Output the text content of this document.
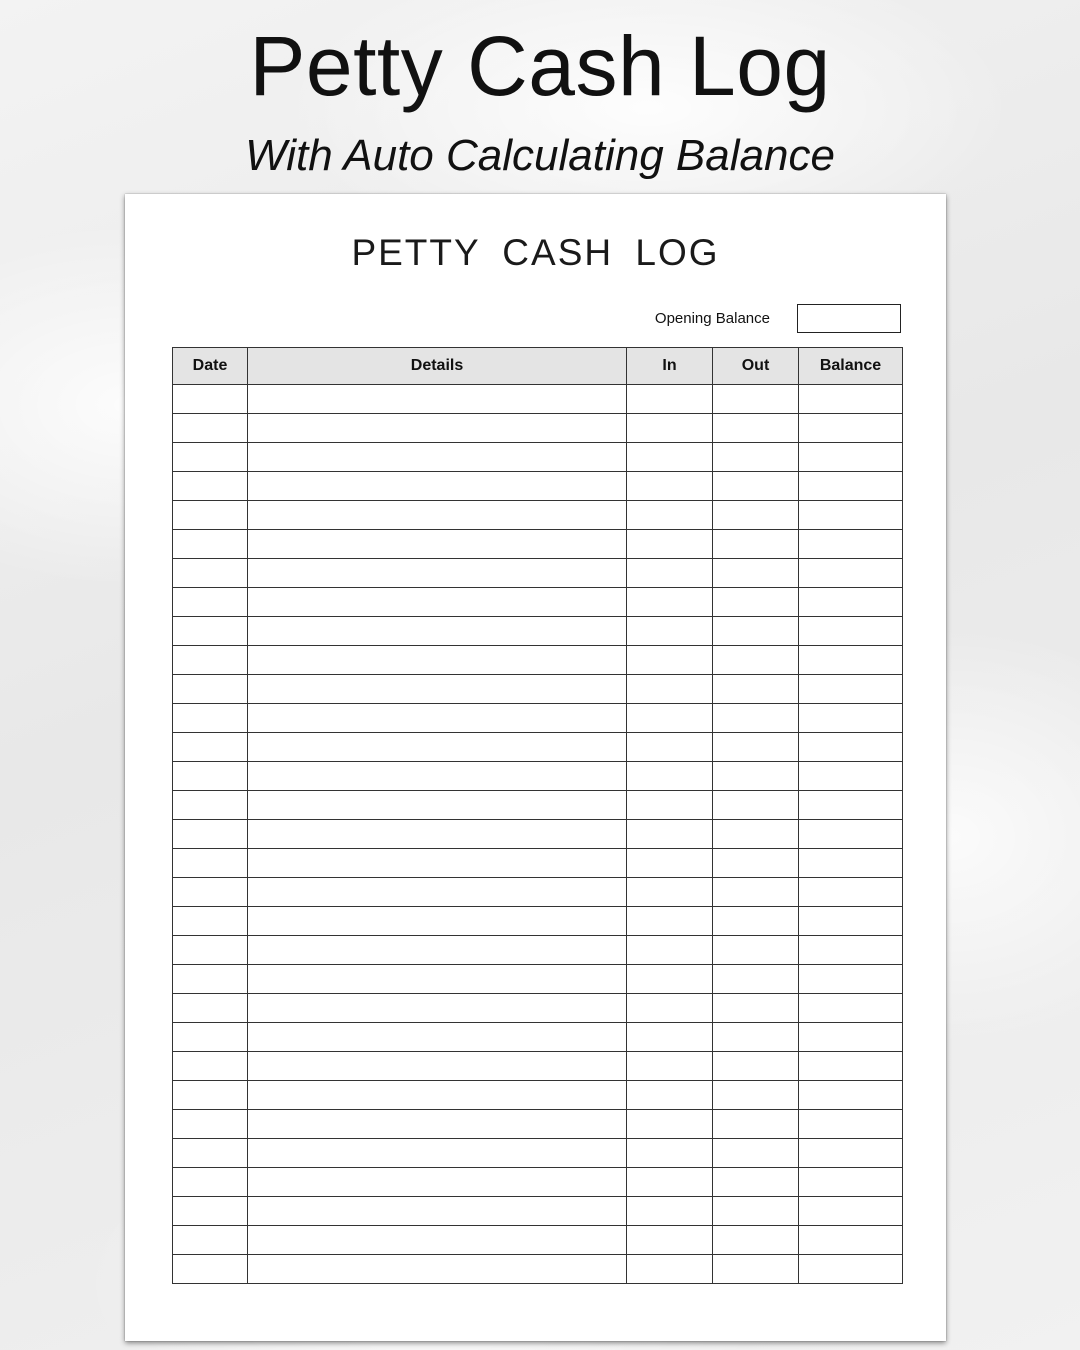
Petty Cash Log
With Auto Calculating Balance
PETTY CASH LOG
Opening Balance
Date	Details	In	Out	Balance
